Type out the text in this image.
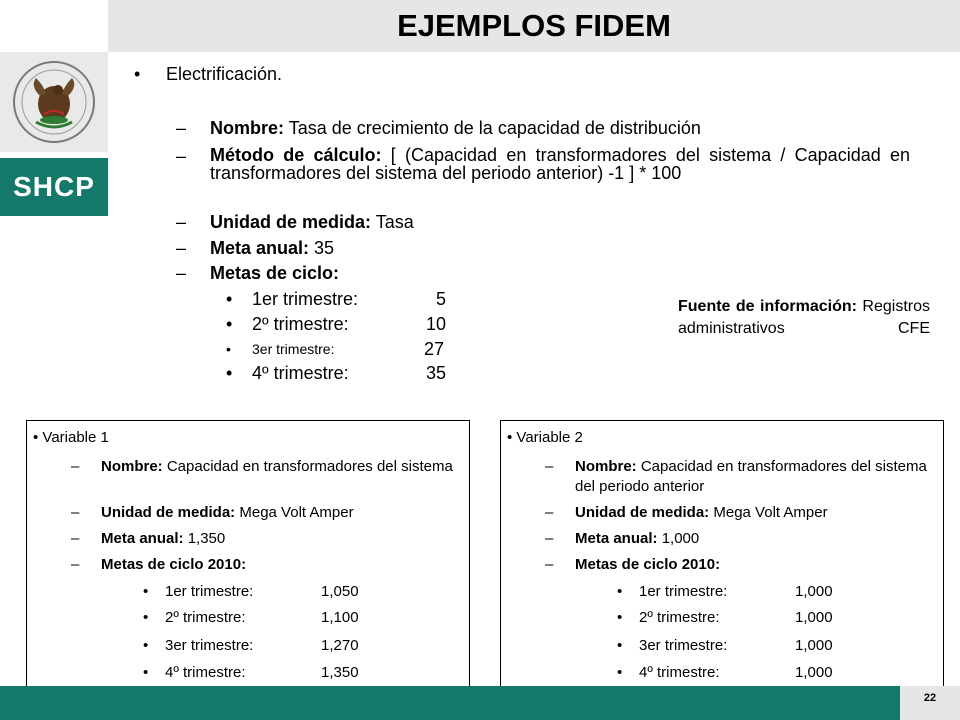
SHCP
EJEMPLOS FIDEM
• Electrificación.
– Nombre: Tasa de crecimiento de la capacidad de distribución
– Método de cálculo: [ (Capacidad en transformadores del sistema / Capacidad en transformadores del sistema del periodo anterior) -1 ] * 100
– Unidad de medida: Tasa
– Meta anual: 35
– Metas de ciclo:
• 1er trimestre:	5
• 2º trimestre:	10
• 3er trimestre:	27
• 4º trimestre:	35
Fuente de información: Registros administrativos CFE
• Variable 1
– Nombre: Capacidad en transformadores del sistema
– Unidad de medida: Mega Volt Amper
– Meta anual: 1,350
– Metas de ciclo 2010:
• 1er trimestre:	1,050
• 2º trimestre:	1,100
• 3er trimestre:	1,270
• 4º trimestre:	1,350
• Variable 2
– Nombre: Capacidad en transformadores del sistema del periodo anterior
– Unidad de medida: Mega Volt Amper
– Meta anual: 1,000
– Metas de ciclo 2010:
• 1er trimestre:	1,000
• 2º trimestre:	1,000
• 3er trimestre:	1,000
• 4º trimestre:	1,000
22
